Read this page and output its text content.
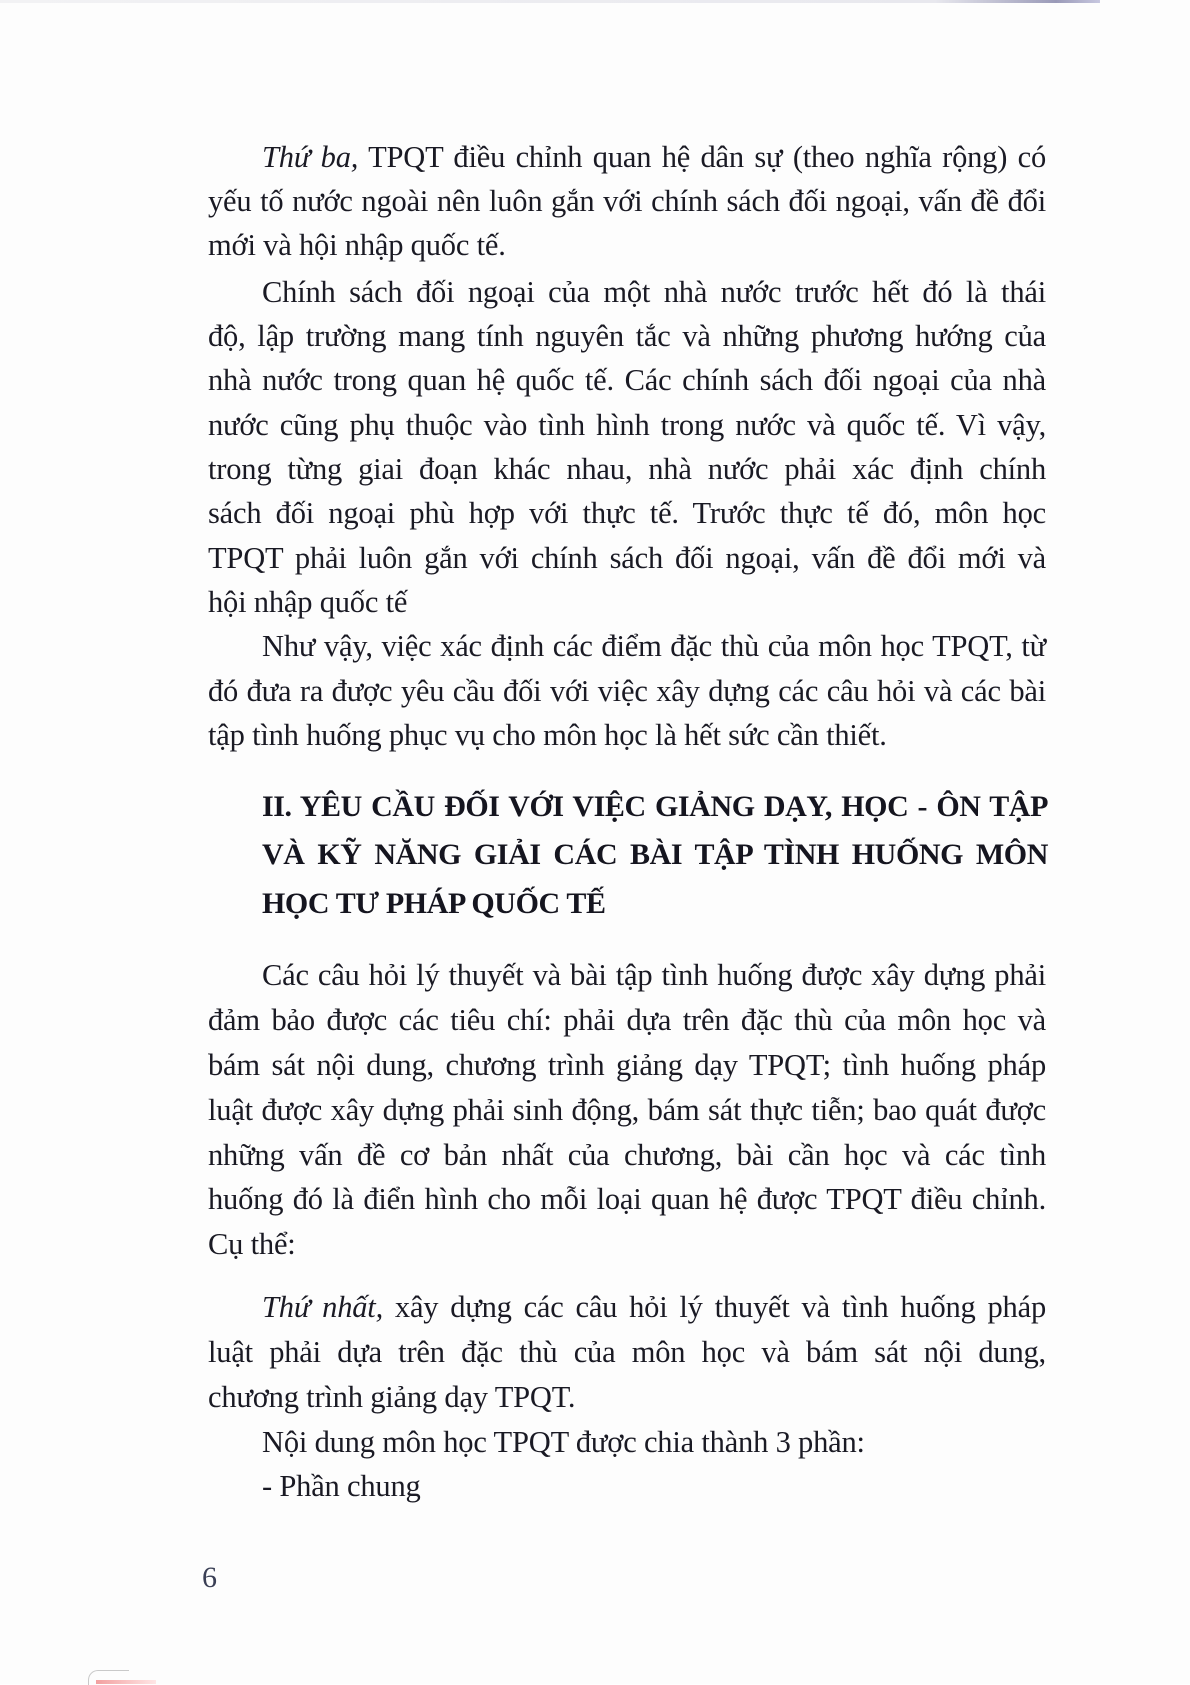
Thứ ba, TPQT điều chỉnh quan hệ dân sự (theo nghĩa rộng) có
yếu tố nước ngoài nên luôn gắn với chính sách đối ngoại, vấn đề đổi
mới và hội nhập quốc tế.
Chính sách đối ngoại của một nhà nước trước hết đó là thái
độ, lập trường mang tính nguyên tắc và những phương hướng của
nhà nước trong quan hệ quốc tế. Các chính sách đối ngoại của nhà
nước cũng phụ thuộc vào tình hình trong nước và quốc tế. Vì vậy,
trong từng giai đoạn khác nhau, nhà nước phải xác định chính
sách đối ngoại phù hợp với thực tế. Trước thực tế đó, môn học
TPQT phải luôn gắn với chính sách đối ngoại, vấn đề đổi mới và
hội nhập quốc tế
Như vậy, việc xác định các điểm đặc thù của môn học TPQT, từ
đó đưa ra được yêu cầu đối với việc xây dựng các câu hỏi và các bài
tập tình huống phục vụ cho môn học là hết sức cần thiết.
II. YÊU CẦU ĐỐI VỚI VIỆC GIẢNG DẠY, HỌC - ÔN TẬP
VÀ KỸ NĂNG GIẢI CÁC BÀI TẬP TÌNH HUỐNG MÔN
HỌC TƯ PHÁP QUỐC TẾ
Các câu hỏi lý thuyết và bài tập tình huống được xây dựng phải
đảm bảo được các tiêu chí: phải dựa trên đặc thù của môn học và
bám sát nội dung, chương trình giảng dạy TPQT; tình huống pháp
luật được xây dựng phải sinh động, bám sát thực tiễn; bao quát được
những vấn đề cơ bản nhất của chương, bài cần học và các tình
huống đó là điển hình cho mỗi loại quan hệ được TPQT điều chỉnh.
Cụ thể:
Thứ nhất, xây dựng các câu hỏi lý thuyết và tình huống pháp
luật phải dựa trên đặc thù của môn học và bám sát nội dung,
chương trình giảng dạy TPQT.
Nội dung môn học TPQT được chia thành 3 phần:
- Phần chung
6
